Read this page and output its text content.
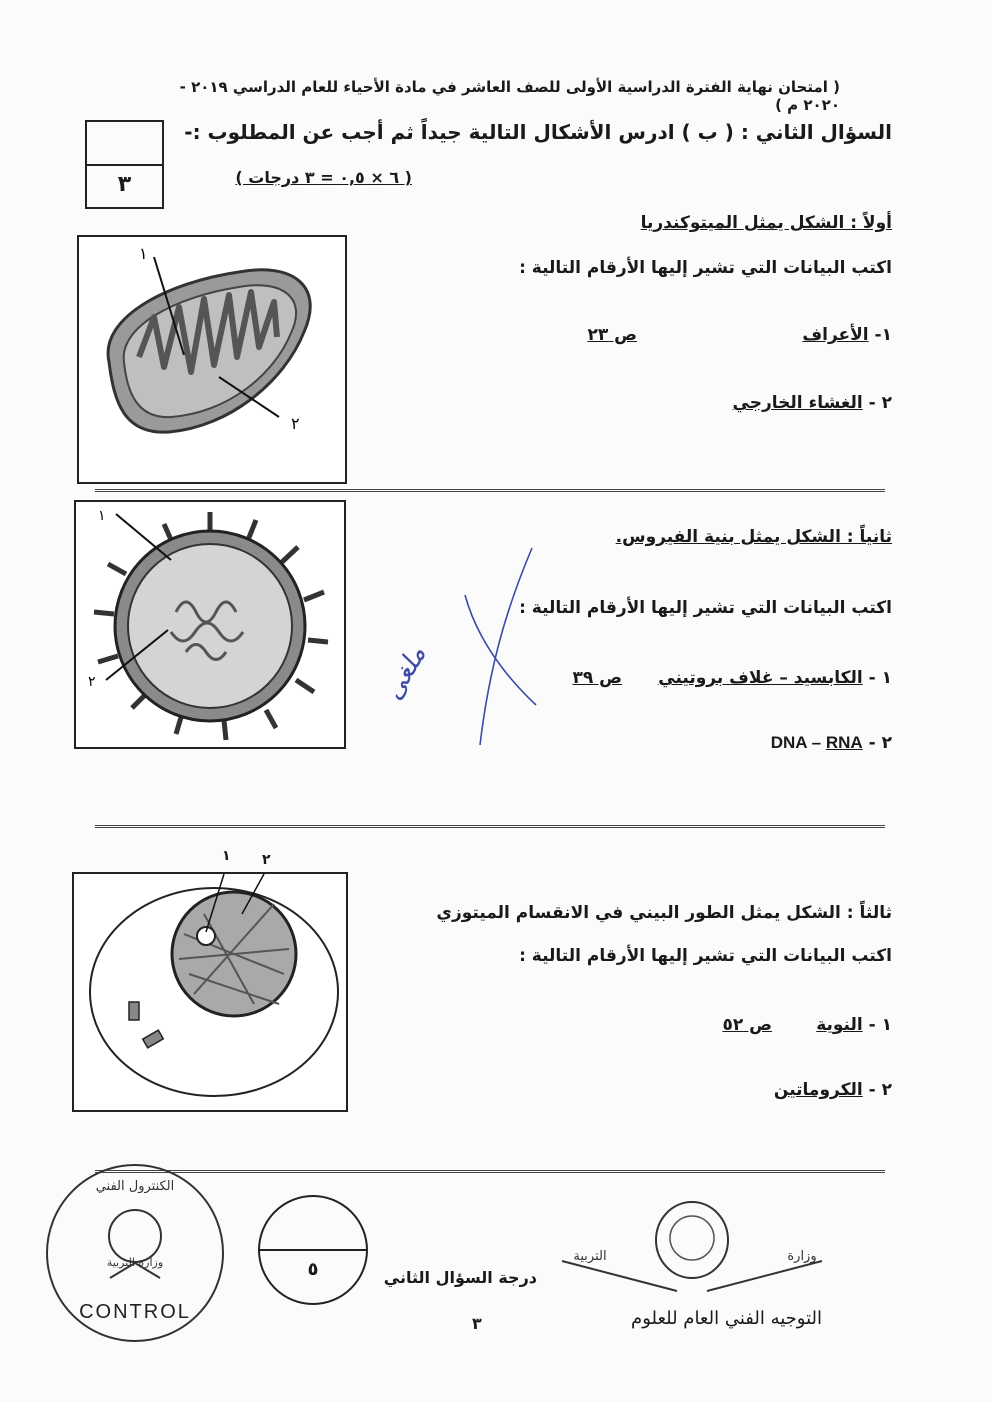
( امتحان نهاية الفترة الدراسية الأولى للصف العاشر في مادة الأحياء للعام الدراسي ٢٠١٩ - ٢٠٢٠ م )
السؤال الثاني : ( ب ) ادرس الأشكال التالية جيداً ثم أجب عن المطلوب :-
( ٦ × ٠,٥ = ٣ درجات )
٣
أولاً : الشكل يمثل الميتوكندريا
اكتب البيانات التي تشير إليها الأرقام التالية :
١- الأعراف
ص ٢٣
٢ - الغشاء الخارجي
١
٢
ثانياً : الشكل يمثل بنية الفيروس.
اكتب البيانات التي تشير إليها الأرقام التالية :
١ - الكابسيد – غلاف بروتيني
ص ٣٩
٢ - DNA – RNA
١
٢	ملغى
ثالثاً : الشكل يمثل الطور البيني في الانقسام الميتوزي
اكتب البيانات التي تشير إليها الأرقام التالية :
١ - النوية
ص ٥٢
٢ - الكروماتين
١ ٢
الكنترول الفني
وزارة التربية
CONTROL
٥	درجة السؤال الثاني
التربية	وزارة
التوجيه الفني العام للعلوم
٣
